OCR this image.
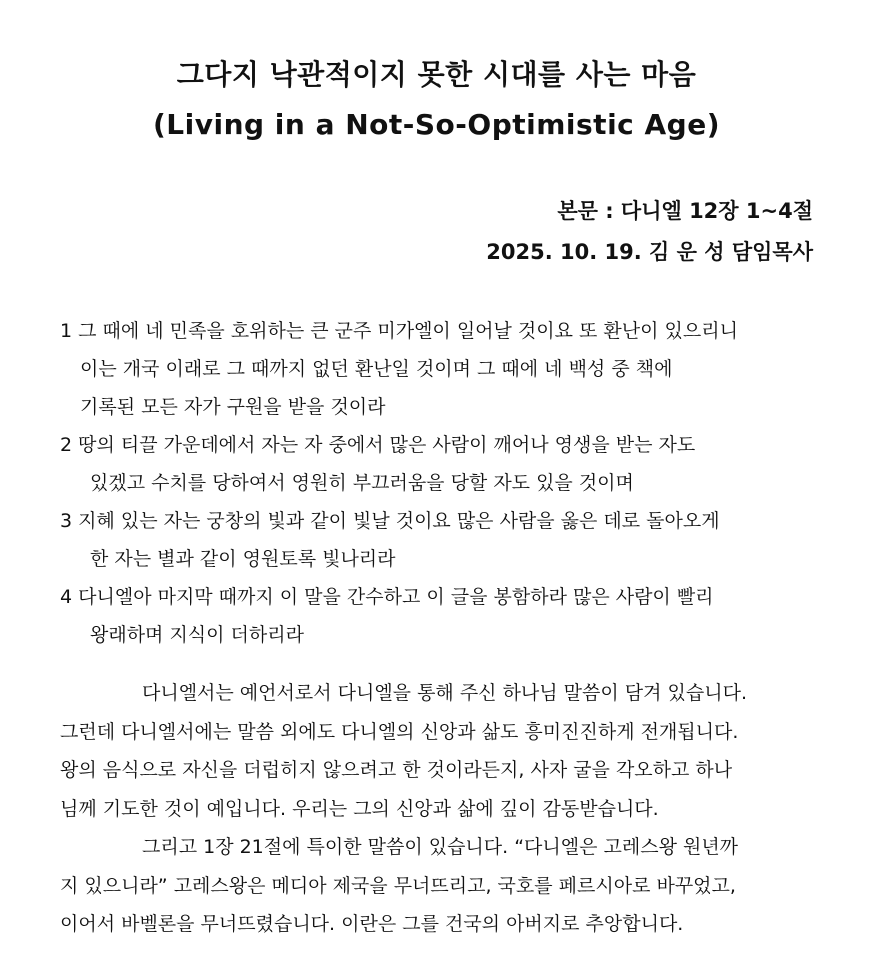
그다지 낙관적이지 못한 시대를 사는 마음
(Living in a Not-So-Optimistic Age)
본문 : 다니엘 12장 1~4절
2025. 10. 19. 김 운 성 담임목사
1 그 때에 네 민족을 호위하는 큰 군주 미가엘이 일어날 것이요 또 환난이 있으리니
이는 개국 이래로 그 때까지 없던 환난일 것이며 그 때에 네 백성 중 책에
기록된 모든 자가 구원을 받을 것이라
2 땅의 티끌 가운데에서 자는 자 중에서 많은 사람이 깨어나 영생을 받는 자도
있겠고 수치를 당하여서 영원히 부끄러움을 당할 자도 있을 것이며
3 지혜 있는 자는 궁창의 빛과 같이 빛날 것이요 많은 사람을 옳은 데로 돌아오게
한 자는 별과 같이 영원토록 빛나리라
4 다니엘아 마지막 때까지 이 말을 간수하고 이 글을 봉함하라 많은 사람이 빨리
왕래하며 지식이 더하리라
다니엘서는 예언서로서 다니엘을 통해 주신 하나님 말씀이 담겨 있습니다.
그런데 다니엘서에는 말씀 외에도 다니엘의 신앙과 삶도 흥미진진하게 전개됩니다.
왕의 음식으로 자신을 더럽히지 않으려고 한 것이라든지, 사자 굴을 각오하고 하나
님께 기도한 것이 예입니다. 우리는 그의 신앙과 삶에 깊이 감동받습니다.
그리고 1장 21절에 특이한 말씀이 있습니다. “다니엘은 고레스왕 원년까
지 있으니라” 고레스왕은 메디아 제국을 무너뜨리고, 국호를 페르시아로 바꾸었고,
이어서 바벨론을 무너뜨렸습니다. 이란은 그를 건국의 아버지로 추앙합니다.
